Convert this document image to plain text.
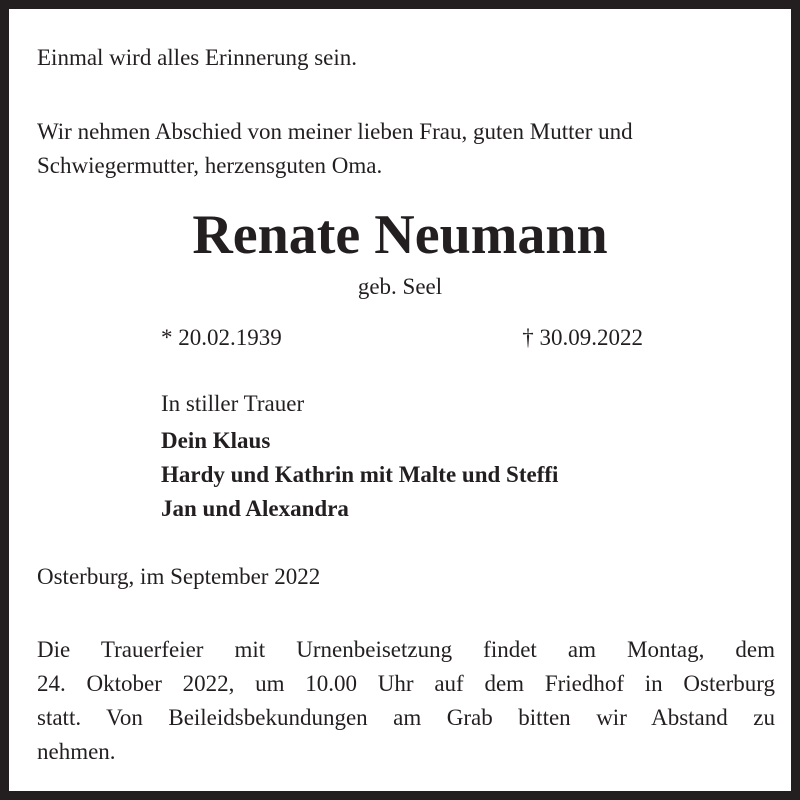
Einmal wird alles Erinnerung sein.
Wir nehmen Abschied von meiner lieben Frau, guten Mutter und
Schwiegermutter, herzensguten Oma.
Renate Neumann
geb. Seel
* 20.02.1939	† 30.09.2022
In stiller Trauer
Dein Klaus
Hardy und Kathrin mit Malte und Steffi
Jan und Alexandra
Osterburg, im September 2022
Die Trauerfeier mit Urnenbeisetzung findet am Montag, dem
24. Oktober 2022, um 10.00 Uhr auf dem Friedhof in Osterburg
statt. Von Beileidsbekundungen am Grab bitten wir Abstand zu
nehmen.
